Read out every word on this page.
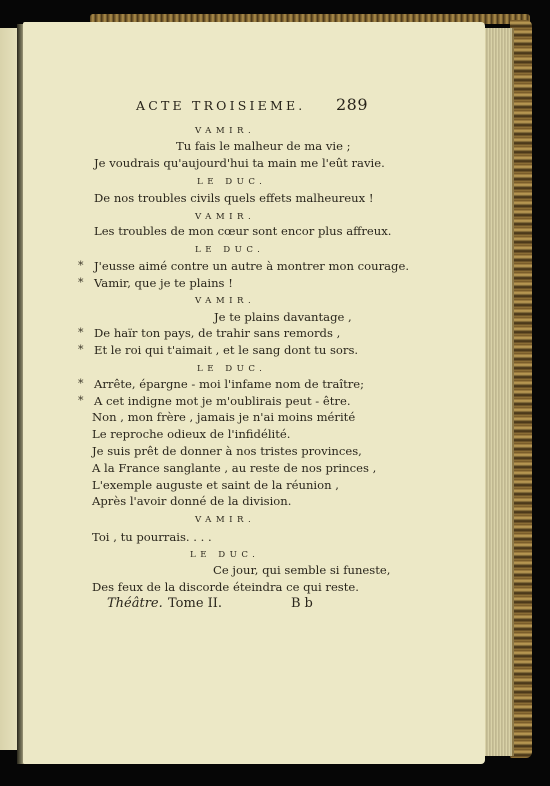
ACTE TROISIEME. 289
VAMIR.
Tu fais le malheur de ma vie ;
Je voudrais qu'aujourd'hui ta main me l'eût ravie.
LE DUC.
De nos troubles civils quels effets malheureux !
VAMIR.
Les troubles de mon cœur sont encor plus affreux.
LE DUC.
* J'eusse aimé contre un autre à montrer mon courage.
* Vamir, que je te plains !
VAMIR.
Je te plains davantage ,
* De haïr ton pays, de trahir sans remords ,
* Et le roi qui t'aimait , et le sang dont tu sors.
LE DUC.
* Arrête, épargne - moi l'infame nom de traître;
* A cet indigne mot je m'oublirais peut - être.
Non , mon frère , jamais je n'ai moins mérité
Le reproche odieux de l'infidélité.
Je suis prêt de donner à nos tristes provinces,
A la France sanglante , au reste de nos princes ,
L'exemple auguste et saint de la réunion ,
Après l'avoir donné de la division.
VAMIR.
Toi , tu pourrais. . . .
LE DUC.
Ce jour, qui semble si funeste,
Des feux de la discorde éteindra ce qui reste.
Théâtre. Tome II.	Bb
